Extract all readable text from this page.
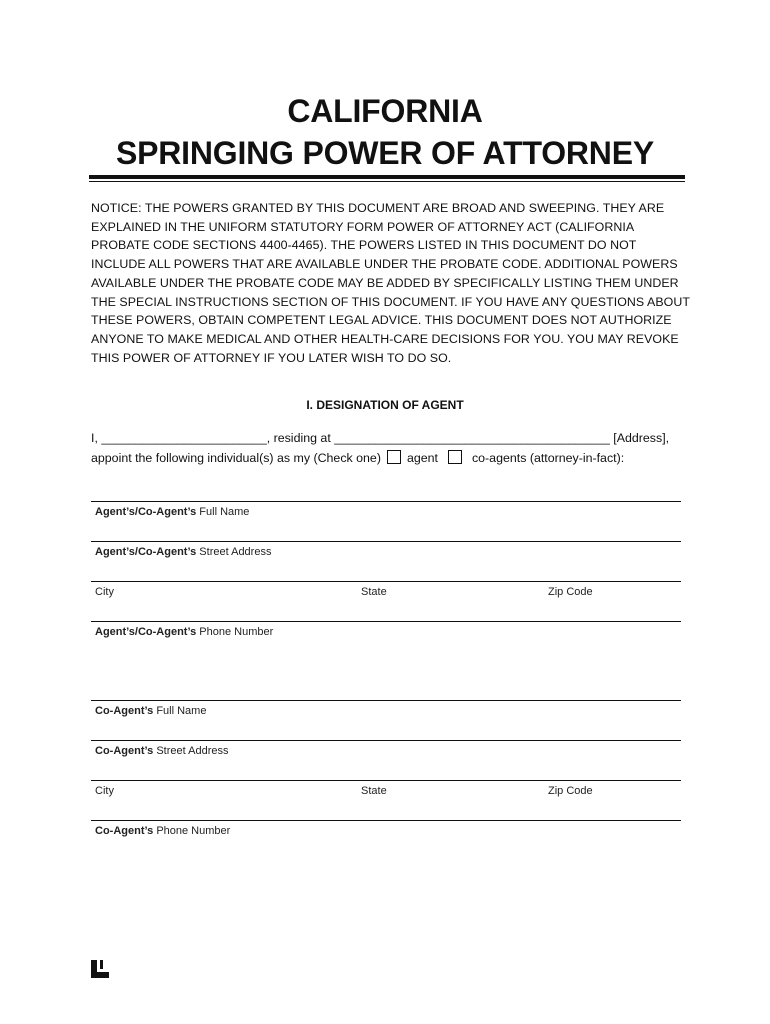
CALIFORNIA
SPRINGING POWER OF ATTORNEY
NOTICE: THE POWERS GRANTED BY THIS DOCUMENT ARE BROAD AND SWEEPING. THEY ARE EXPLAINED IN THE UNIFORM STATUTORY FORM POWER OF ATTORNEY ACT (CALIFORNIA PROBATE CODE SECTIONS 4400-4465). THE POWERS LISTED IN THIS DOCUMENT DO NOT INCLUDE ALL POWERS THAT ARE AVAILABLE UNDER THE PROBATE CODE. ADDITIONAL POWERS AVAILABLE UNDER THE PROBATE CODE MAY BE ADDED BY SPECIFICALLY LISTING THEM UNDER THE SPECIAL INSTRUCTIONS SECTION OF THIS DOCUMENT. IF YOU HAVE ANY QUESTIONS ABOUT THESE POWERS, OBTAIN COMPETENT LEGAL ADVICE. THIS DOCUMENT DOES NOT AUTHORIZE ANYONE TO MAKE MEDICAL AND OTHER HEALTH-CARE DECISIONS FOR YOU. YOU MAY REVOKE THIS POWER OF ATTORNEY IF YOU LATER WISH TO DO SO.
I. DESIGNATION OF AGENT
I, ________________________, residing at ________________________________________ [Address],
appoint the following individual(s) as my (Check one) agent	co-agents (attorney-in-fact):
Agent’s/Co-Agent’s Full Name
Agent’s/Co-Agent’s Street Address
City	State	Zip Code
Agent’s/Co-Agent’s Phone Number
Co-Agent’s Full Name
Co-Agent’s Street Address
City	State	Zip Code
Co-Agent’s Phone Number
